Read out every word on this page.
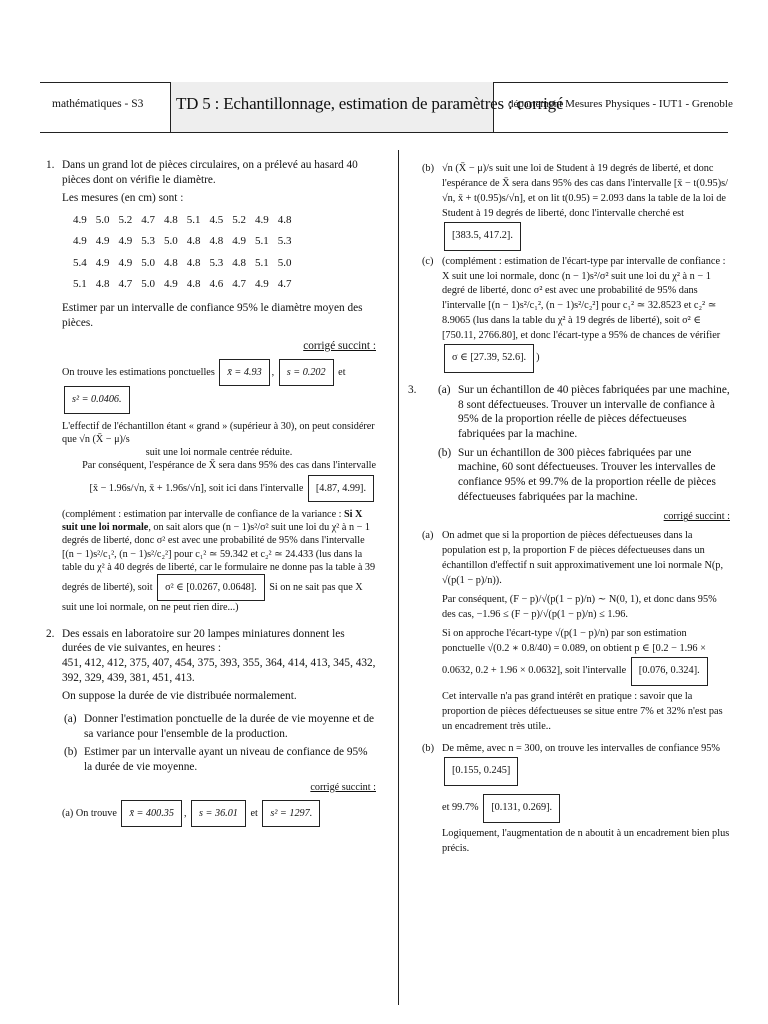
mathématiques - S3 TD 5 : Echantillonnage, estimation de paramètres : corrigé
département Mesures Physiques - IUT1 - Grenoble
1. Dans un grand lot de pièces circulaires, on a prélevé au hasard 40 pièces dont on vérifie le diamètre.
Les mesures (en cm) sont :
4.9	5.0	5.2	4.7	4.8	5.1	4.5	5.2	4.9	4.8
4.9	4.9	4.9	5.3	5.0	4.8	4.8	4.9	5.1	5.3
5.4	4.9	4.9	5.0	4.8	4.8	5.3	4.8	5.1	5.0
5.1	4.8	4.7	5.0	4.9	4.8	4.6	4.7	4.9	4.7
Estimer par un intervalle de confiance 95% le diamètre moyen des pièces.
corrigé succint :
On trouve les estimations ponctuelles x̄ = 4.93 , s = 0.202 et s² = 0.0406.
L'effectif de l'échantillon étant « grand » (supérieur à 30), on peut considérer que √n (X̄ − μ)/s
suit une loi normale centrée réduite.
Par conséquent, l'espérance de X̄ sera dans 95% des cas dans l'intervalle
[x̄ − 1.96s/√n, x̄ + 1.96s/√n], soit ici dans l'intervalle [4.87, 4.99].
(complément : estimation par intervalle de confiance de la variance : Si X suit une loi normale, on sait alors que (n − 1)s²/σ² suit une loi du χ² à n − 1 degrés de liberté, donc σ² est avec une probabilité de 95% dans l'intervalle [(n − 1)s²/c₁², (n − 1)s²/c₂²] pour c₁² ≃ 59.342 et c₂² ≃ 24.433 (lus dans la table du χ² à 40 degrés de liberté, car le formulaire ne donne pas la table à 39 degrés de liberté), soit σ² ∈ [0.0267, 0.0648]. Si on ne sait pas que X suit une loi normale, on ne peut rien dire...)
2. Des essais en laboratoire sur 20 lampes miniatures donnent les durées de vie suivantes, en heures :
451, 412, 412, 375, 407, 454, 375, 393, 355, 364, 414, 413, 345, 432, 392, 329, 439, 381, 451, 413.
On suppose la durée de vie distribuée normalement.
(a) Donner l'estimation ponctuelle de la durée de vie moyenne et de sa variance pour l'ensemble de la production.
(b) Estimer par un intervalle ayant un niveau de confiance de 95% la durée de vie moyenne.
corrigé succint :
(a) On trouve x̄ = 400.35 , s = 36.01 et s² = 1297.
(b) √n (X̄ − μ)/s suit une loi de Student à 19 degrés de liberté, et donc l'espérance de X̄ sera dans 95% des cas dans l'intervalle [x̄ − t(0.95)s/√n, x̄ + t(0.95)s/√n], et on lit t(0.95) = 2.093 dans la table de la loi de Student à 19 degrés de liberté, donc l'intervalle cherché est [383.5, 417.2].
(c) (complément : estimation de l'écart-type par intervalle de confiance : X suit une loi normale, donc (n − 1)s²/σ² suit une loi du χ² à n − 1 degré de liberté, donc σ² est avec une probabilité de 95% dans l'intervalle [(n − 1)s²/c₁², (n − 1)s²/c₂²] pour c₁² ≃ 32.8523 et c₂² ≃ 8.9065 (lus dans la table du χ² à 19 degrés de liberté), soit σ² ∈ [750.11, 2766.80], et donc l'écart-type a 95% de chances de vérifier σ ∈ [27.39, 52.6]. )
3. (a) Sur un échantillon de 40 pièces fabriquées par une machine, 8 sont défectueuses. Trouver un intervalle de confiance à 95% de la proportion réelle de pièces défectueuses fabriquées par la machine.
(b) Sur un échantillon de 300 pièces fabriquées par une machine, 60 sont défectueuses. Trouver les intervalles de confiance 95% et 99.7% de la proportion réelle de pièces défectueuses fabriquées par la machine.
corrigé succint :
(a) On admet que si la proportion de pièces défectueuses dans la population est p, la proportion F de pièces défectueuses dans un échantillon d'effectif n suit approximativement une loi normale N(p, √(p(1 − p)/n)).
Par conséquent, (F − p)/√(p(1 − p)/n) ∼ N(0, 1), et donc dans 95% des cas, −1.96 ≤ (F − p)/√(p(1 − p)/n) ≤ 1.96.
Si on approche l'écart-type √(p(1 − p)/n) par son estimation ponctuelle √(0.2 ∗ 0.8/40) = 0.089, on obtient p ∈ [0.2 − 1.96 × 0.0632, 0.2 + 1.96 × 0.0632], soit l'intervalle [0.076, 0.324].
Cet intervalle n'a pas grand intérêt en pratique : savoir que la proportion de pièces défectueuses se situe entre 7% et 32% n'est pas un encadrement très utile..
(b) De même, avec n = 300, on trouve les intervalles de confiance 95% [0.155, 0.245]
et 99.7% [0.131, 0.269].
Logiquement, l'augmentation de n aboutit à un encadrement bien plus précis.
